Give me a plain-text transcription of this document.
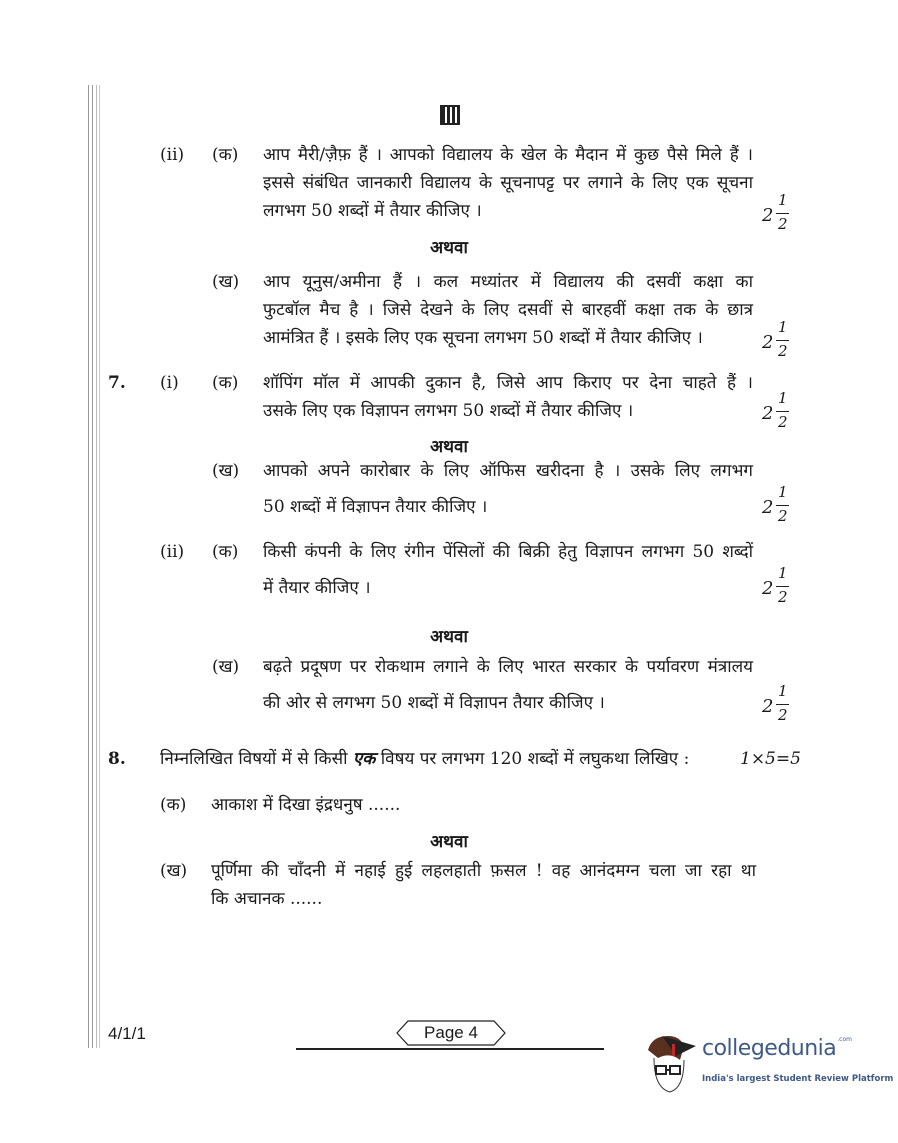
(ii) (क) आप मैरी/ज़ैफ़ हैं । आपको विद्यालय के खेल के मैदान में कुछ पैसे मिले हैं ।
इससे संबंधित जानकारी विद्यालय के सूचनापट्ट पर लगाने के लिए एक सूचना
लगभग 50 शब्दों में तैयार कीजिए ।	2
1
2
अथवा
(ख) आप यूनुस/अमीना हैं । कल मध्यांतर में विद्यालय की दसवीं कक्षा का
फुटबॉल मैच है । जिसे देखने के लिए दसवीं से बारहवीं कक्षा तक के छात्र
आमंत्रित हैं । इसके लिए एक सूचना लगभग 50 शब्दों में तैयार कीजिए ।	2
1
2
7. (i) (क) शॉपिंग मॉल में आपकी दुकान है, जिसे आप किराए पर देना चाहते हैं ।
उसके लिए एक विज्ञापन लगभग 50 शब्दों में तैयार कीजिए ।	2
1
2
अथवा
(ख) आपको अपने कारोबार के लिए ऑफिस खरीदना है । उसके लिए लगभग
50 शब्दों में विज्ञापन तैयार कीजिए ।	2
1
2
(ii) (क) किसी कंपनी के लिए रंगीन पेंसिलों की बिक्री हेतु विज्ञापन लगभग 50 शब्दों
में तैयार कीजिए ।	2
1
2
अथवा
(ख) बढ़ते प्रदूषण पर रोकथाम लगाने के लिए भारत सरकार के पर्यावरण मंत्रालय
की ओर से लगभग 50 शब्दों में विज्ञापन तैयार कीजिए ।	2
1
2
8. निम्नलिखित विषयों में से किसी एक विषय पर लगभग 120 शब्दों में लघुकथा लिखिए :	1×5=5
(क) आकाश में दिखा इंद्रधनुष ......
अथवा
(ख) पूर्णिमा की चाँदनी में नहाई हुई लहलहाती फ़सल ! वह आनंदमग्न चला जा रहा था
कि अचानक ......
4/1/1	Page 4
collegedunia$^{.com}$
India's largest Student Review Platform
